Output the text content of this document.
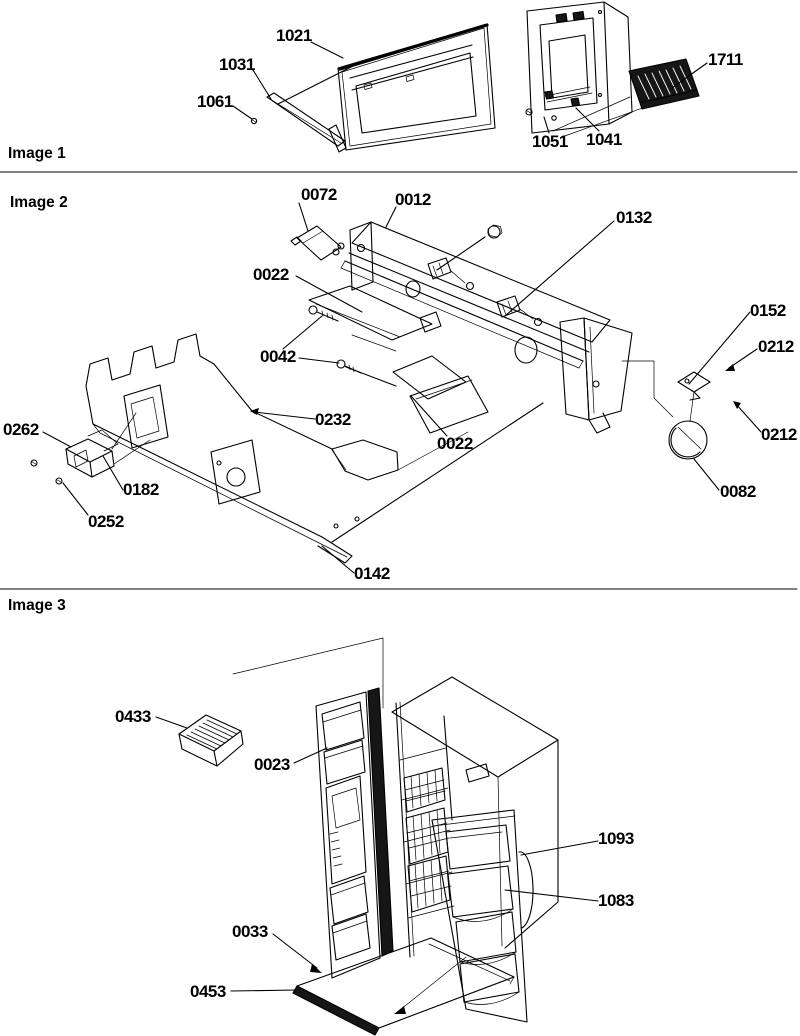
Image 1
Image 2
Image 3
1021
1031
1061
1711
1051 1041
0072	0012
0132
0022
0042
0232
0022
0262
0182
0252
0142
0152
0212
0212
0082
0433
0023
1093
1083
0033
0453
